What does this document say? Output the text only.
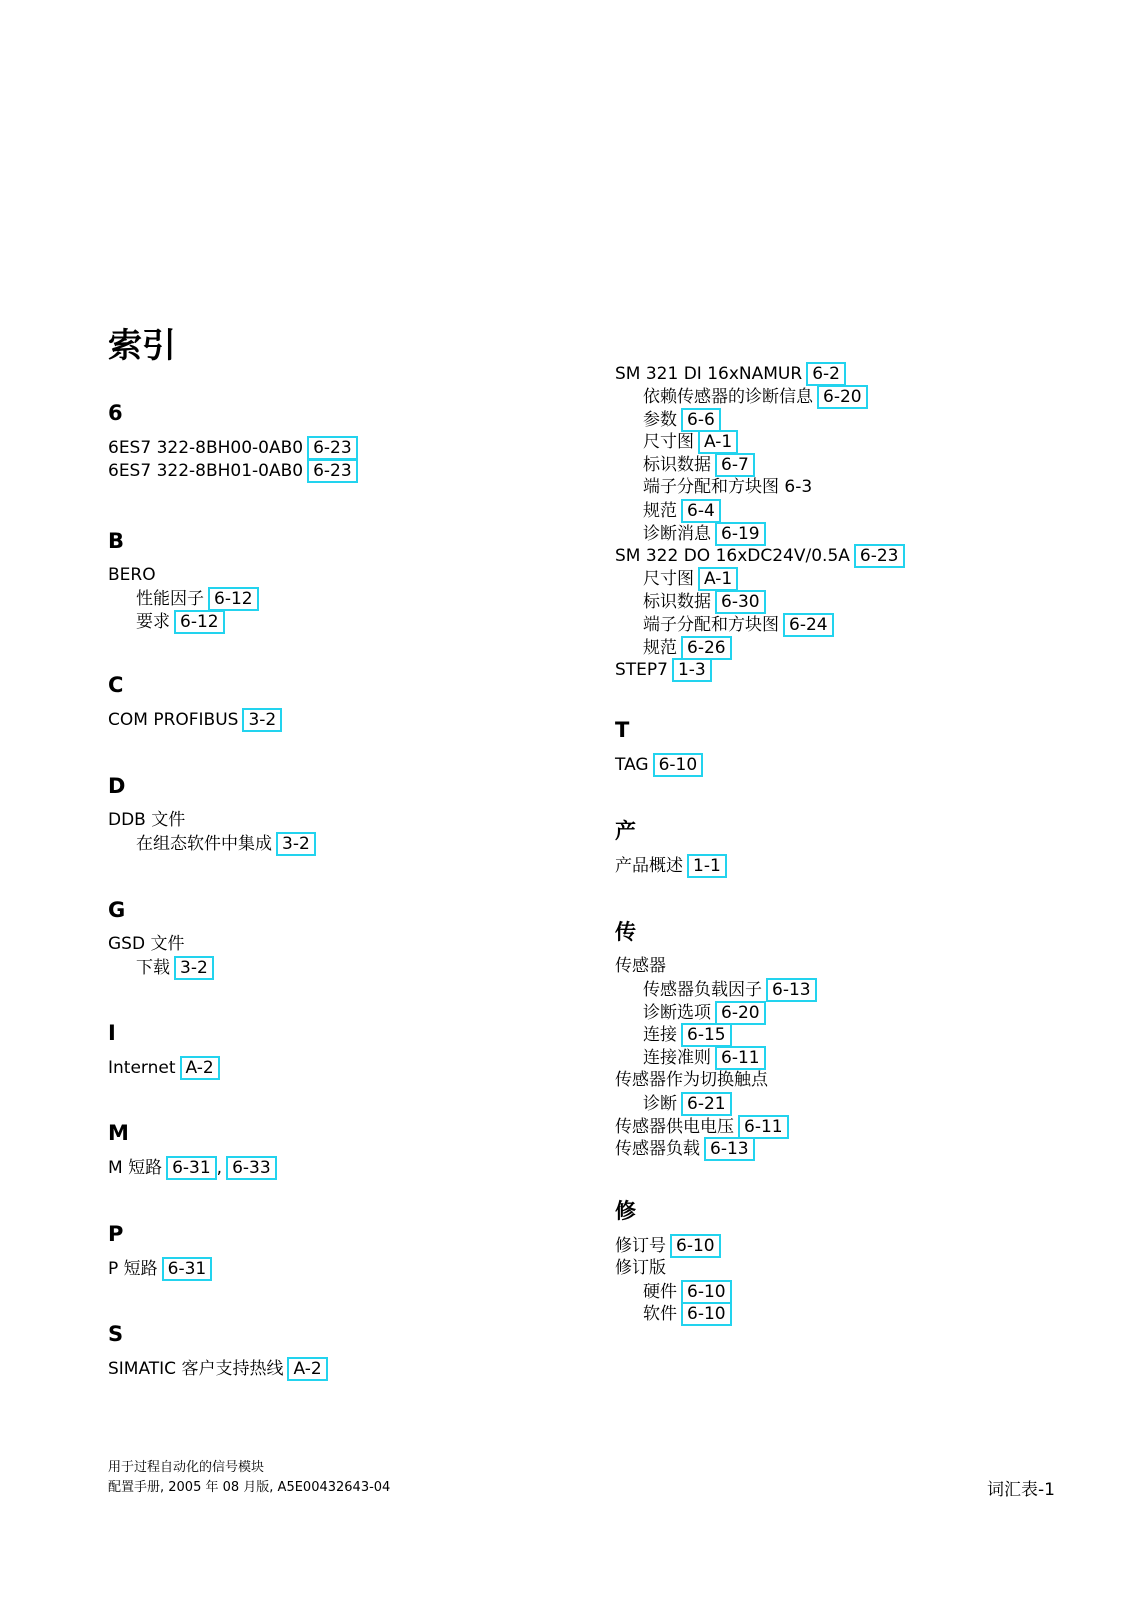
索引
6
6ES7 322-8BH00-0AB0 6-23
6ES7 322-8BH01-0AB0 6-23
B
BERO
性能因子 6-12
要求 6-12
C
COM PROFIBUS 3-2
D
DDB 文件
在组态软件中集成 3-2
G
GSD 文件
下载 3-2
I
Internet A-2
M
M 短路 6-31 , 6-33
P
P 短路 6-31
S
SIMATIC 客户支持热线 A-2
SM 321 DI 16xNAMUR 6-2
依赖传感器的诊断信息 6-20
参数 6-6
尺寸图 A-1
标识数据 6-7
端子分配和方块图 6-3
规范 6-4
诊断消息 6-19
SM 322 DO 16xDC24V/0.5A 6-23
尺寸图 A-1
标识数据 6-30
端子分配和方块图 6-24
规范 6-26
STEP7 1-3
T
TAG 6-10
产
产品概述 1-1
传
传感器
传感器负载因子 6-13
诊断选项 6-20
连接 6-15
连接准则 6-11
传感器作为切换触点
诊断 6-21
传感器供电电压 6-11
传感器负载 6-13
修
修订号 6-10
修订版
硬件 6-10
软件 6-10
用于过程自动化的信号模块
配置手册, 2005 年 08 月版, A5E00432643-04	词汇表-1
